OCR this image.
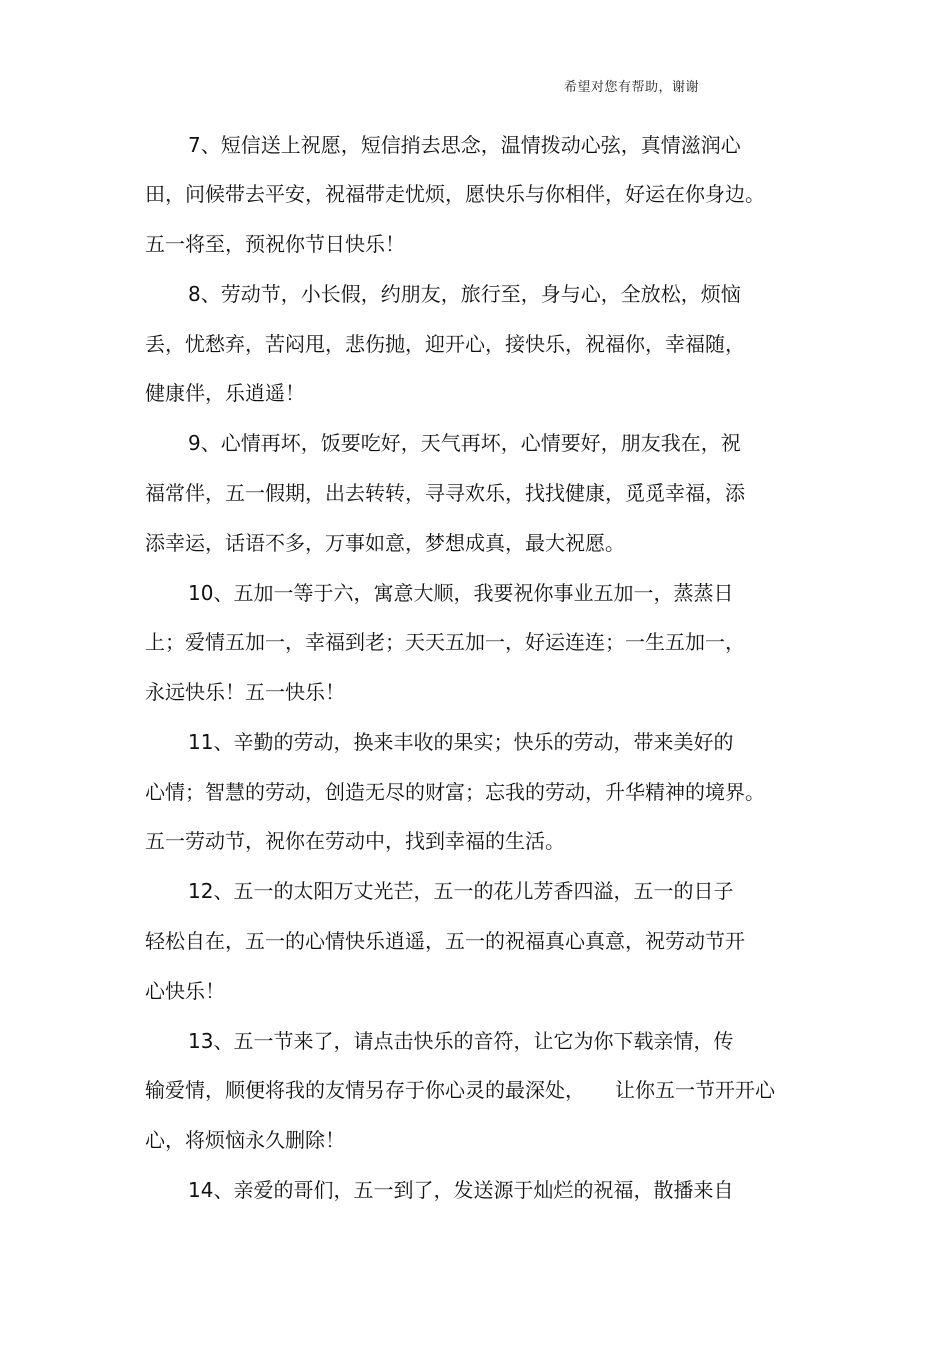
希望对您有帮助，谢谢
7、短信送上祝愿，短信捎去思念，温情拨动心弦，真情滋润心
田，问候带去平安，祝福带走忧烦，愿快乐与你相伴，好运在你身边。
五一将至，预祝你节日快乐！
8、劳动节，小长假，约朋友，旅行至，身与心，全放松，烦恼
丢，忧愁弃，苦闷甩，悲伤抛，迎开心，接快乐，祝福你，幸福随，
健康伴，乐逍遥！
9、心情再坏，饭要吃好，天气再坏，心情要好，朋友我在，祝
福常伴，五一假期，出去转转，寻寻欢乐，找找健康，觅觅幸福，添
添幸运，话语不多，万事如意，梦想成真，最大祝愿。
10、五加一等于六，寓意大顺，我要祝你事业五加一，蒸蒸日
上；爱情五加一，幸福到老；天天五加一，好运连连；一生五加一，
永远快乐！五一快乐！
11、辛勤的劳动，换来丰收的果实；快乐的劳动，带来美好的
心情；智慧的劳动，创造无尽的财富；忘我的劳动，升华精神的境界。
五一劳动节，祝你在劳动中，找到幸福的生活。
12、五一的太阳万丈光芒，五一的花儿芳香四溢，五一的日子
轻松自在，五一的心情快乐逍遥，五一的祝福真心真意，祝劳动节开
心快乐！
13、五一节来了，请点击快乐的音符，让它为你下载亲情，传
输爱情，顺便将我的友情另存于你心灵的最深处，　　让你五一节开开心
心，将烦恼永久删除！
14、亲爱的哥们，五一到了，发送源于灿烂的祝福，散播来自
